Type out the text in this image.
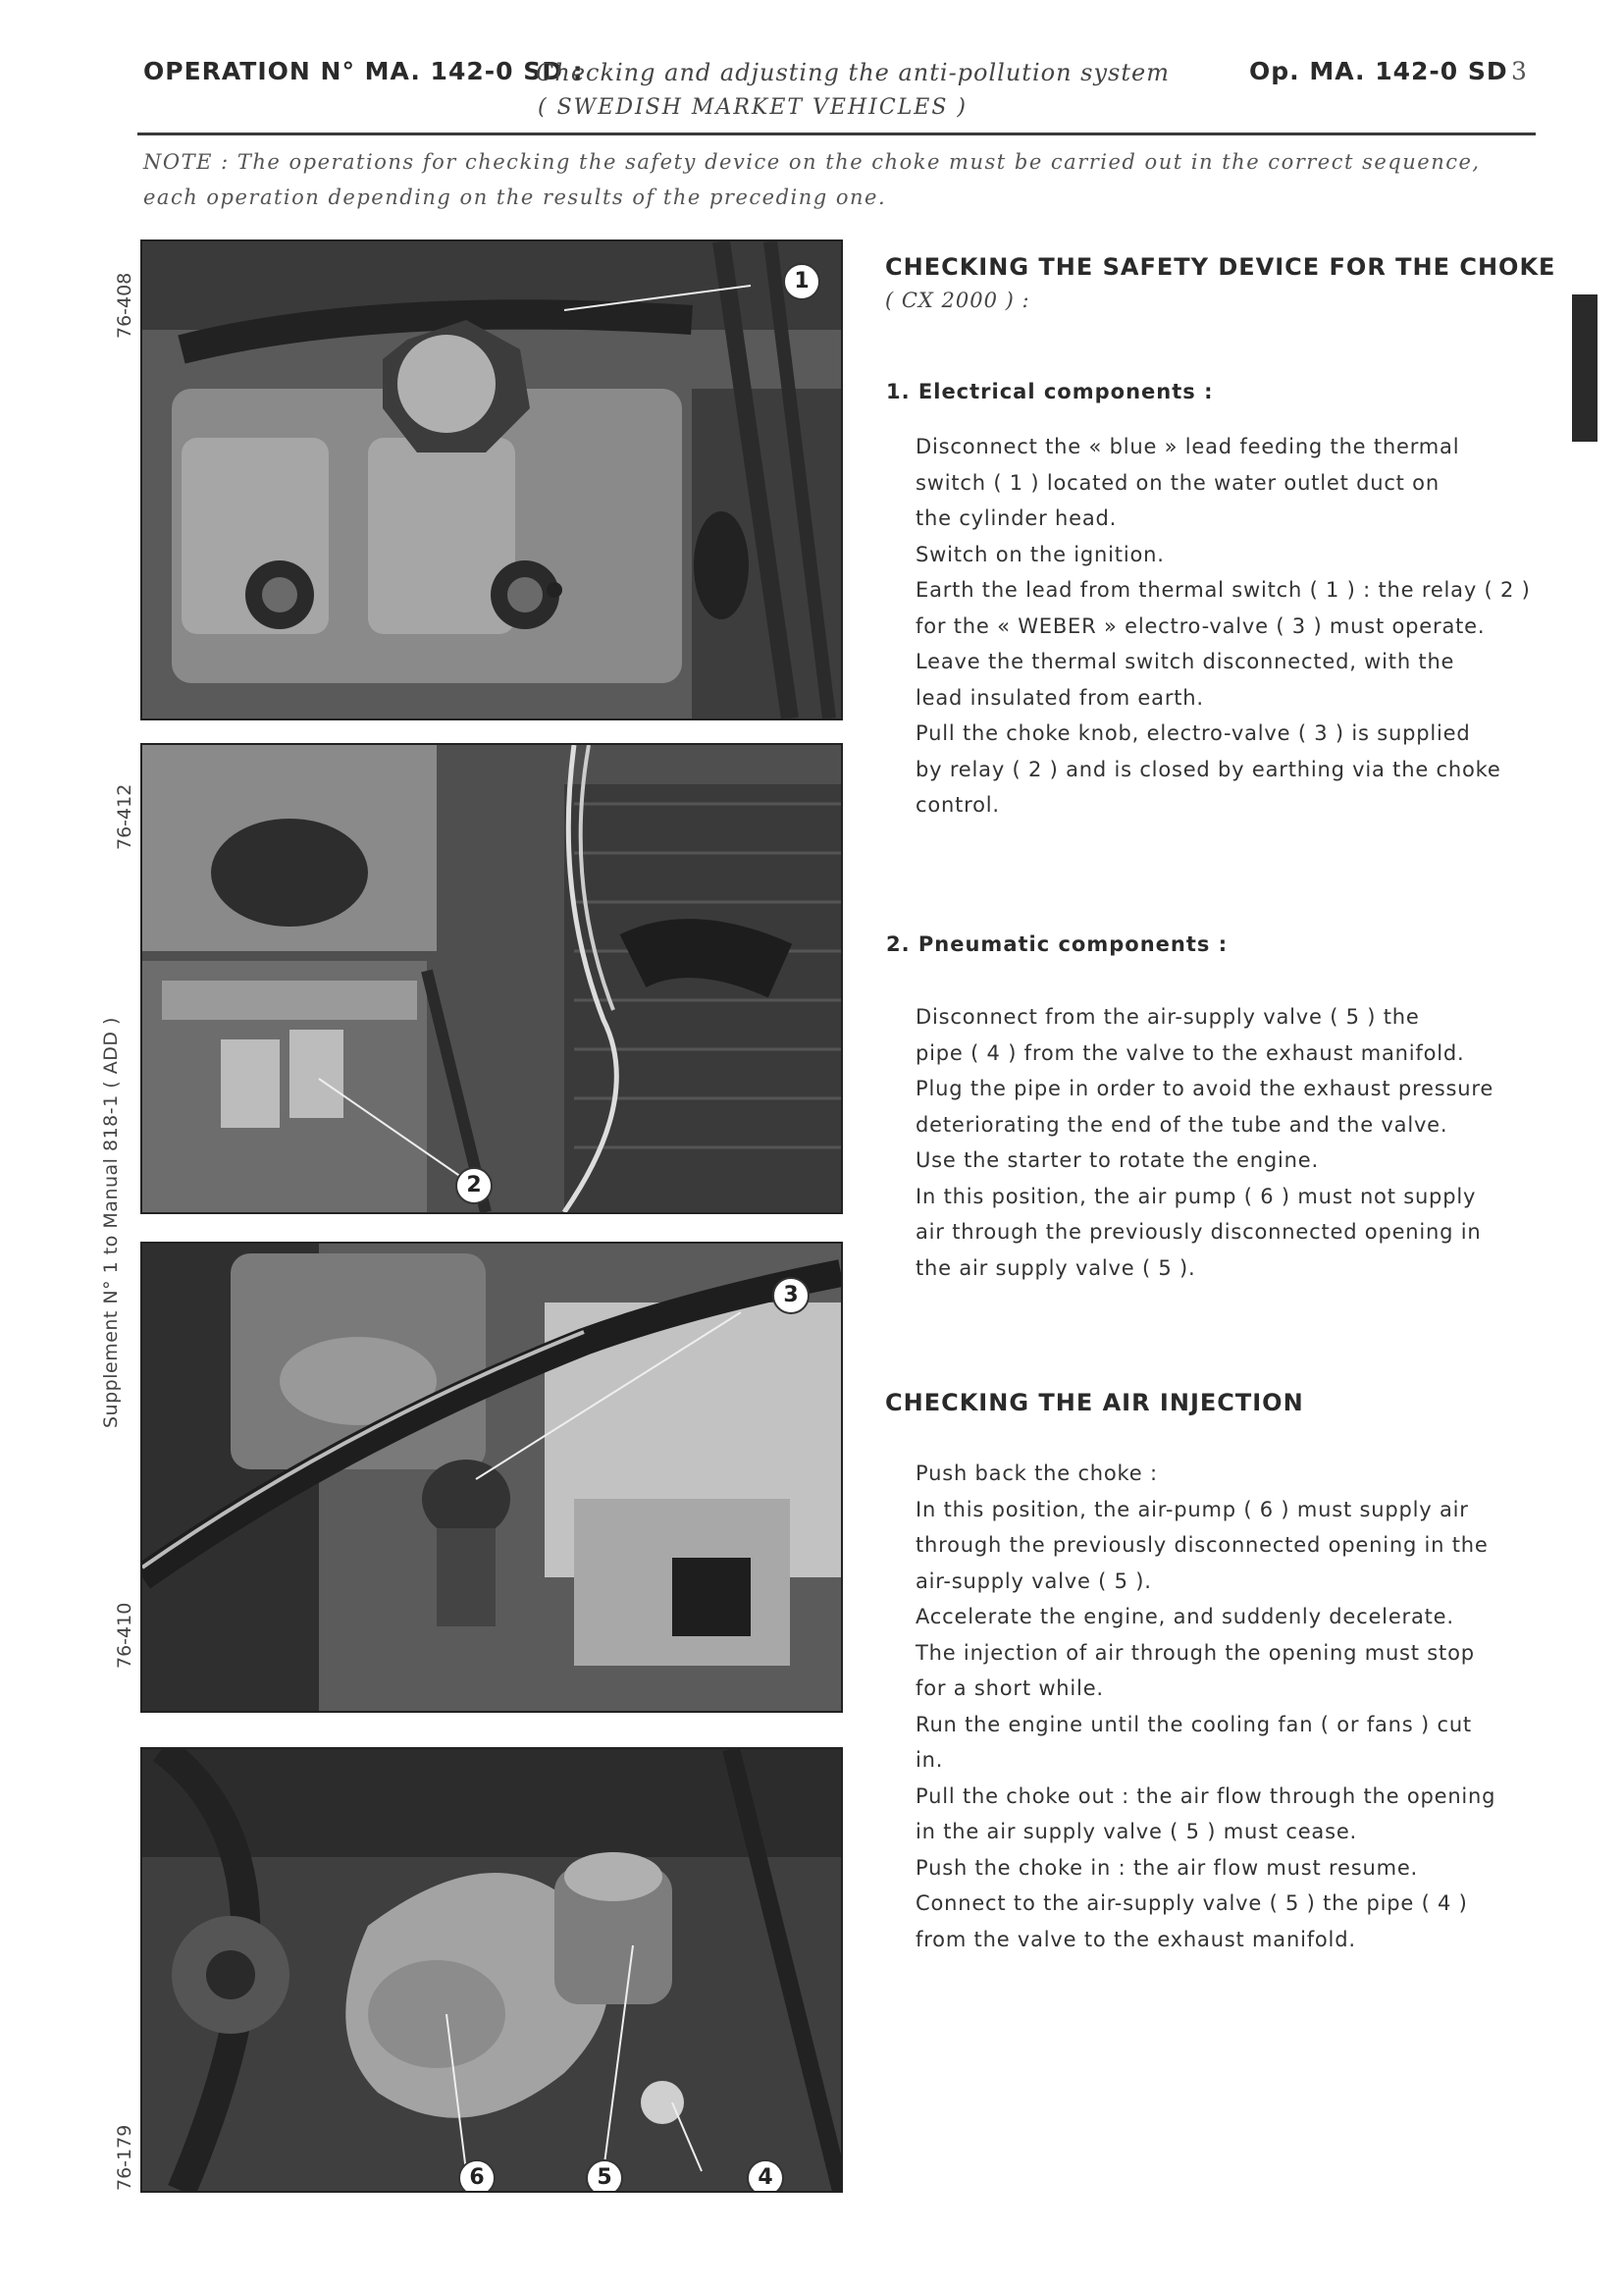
OPERATION N° MA. 142-0 SD :
Checking and adjusting the anti-pollution system
( SWEDISH MARKET VEHICLES )
Op. MA. 142-0 SD 3
NOTE : The operations for checking the safety device on the choke must be carried out in the correct sequence,
each operation depending on the results of the preceding one.
76-408
76-412
76-410
76-179
Supplement N° 1 to Manual 818-1 ( ADD )
1
2
3
6	5	4
CHECKING THE SAFETY DEVICE FOR THE CHOKE
( CX 2000 ) :
1. Electrical components :
Disconnect the « blue » lead feeding the thermal
switch ( 1 ) located on the water outlet duct on
the cylinder head.
Switch on the ignition.
Earth the lead from thermal switch ( 1 ) : the relay ( 2 )
for the « WEBER » electro-valve ( 3 ) must operate.
Leave the thermal switch disconnected, with the
lead insulated from earth.
Pull the choke knob, electro-valve ( 3 ) is supplied
by relay ( 2 ) and is closed by earthing via the choke
control.
2. Pneumatic components :
Disconnect from the air-supply valve ( 5 ) the
pipe ( 4 ) from the valve to the exhaust manifold.
Plug the pipe in order to avoid the exhaust pressure
deteriorating the end of the tube and the valve.
Use the starter to rotate the engine.
In this position, the air pump ( 6 ) must not supply
air through the previously disconnected opening in
the air supply valve ( 5 ).
CHECKING THE AIR INJECTION
Push back the choke :
In this position, the air-pump ( 6 ) must supply air
through the previously disconnected opening in the
air-supply valve ( 5 ).
Accelerate the engine, and suddenly decelerate.
The injection of air through the opening must stop
for a short while.
Run the engine until the cooling fan ( or fans ) cut
in.
Pull the choke out : the air flow through the opening
in the air supply valve ( 5 ) must cease.
Push the choke in : the air flow must resume.
Connect to the air-supply valve ( 5 ) the pipe ( 4 )
from the valve to the exhaust manifold.
